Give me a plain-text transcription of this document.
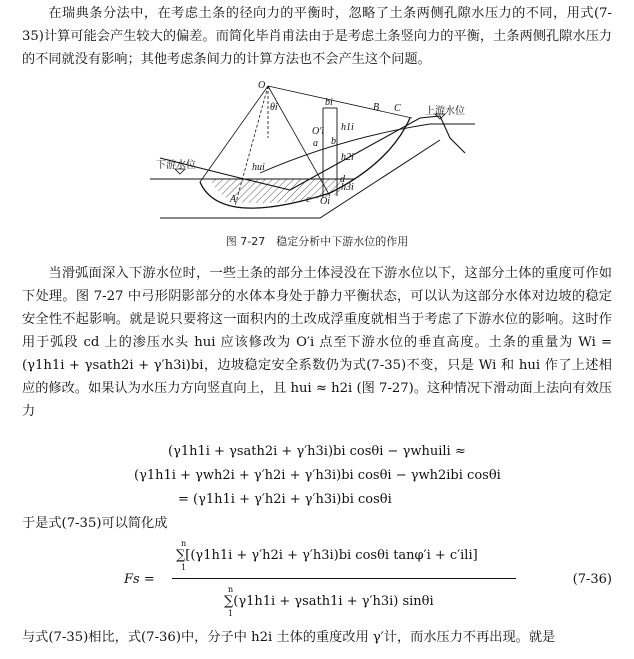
在瑞典条分法中，在考虑土条的径向力的平衡时，忽略了土条两侧孔隙水压力的不同，用式(7-35)计算可能会产生较大的偏差。而简化毕肖甫法由于是考虑土条竖向力的平衡，土条两侧孔隙水压力的不同就没有影响；其他考虑条间力的计算方法也不会产生这个问题。

O
θi	B C
bi
O′i
a b
h1i
h2i
h3i
hui
c
d
Oi
A
上游水位
下游水位
图 7-27　稳定分析中下游水位的作用

当滑弧面深入下游水位时，一些土条的部分土体浸没在下游水位以下，这部分土体的重度可作如下处理。图 7-27 中弓形阴影部分的水体本身处于静力平衡状态，可以认为这部分水体对边坡的稳定安全性不起影响。就是说只要将这一面积内的土改成浮重度就相当于考虑了下游水位的影响。这时作用于弧段 cd 上的渗压水头 hui 应该修改为 O′i 点至下游水位的垂直高度。土条的重量为 Wi = (γ1h1i + γsath2i + γ′h3i)bi，边坡稳定安全系数仍为式(7-35)不变，只是 Wi 和 hui 作了上述相应的修改。如果认为水压力方向竖直向上，且 hui ≈ h2i (图 7-27)。这种情况下滑动面上法向有效压力

(γ1h1i + γsath2i + γ′h3i)bi cosθi − γwhuili ≈
(γ1h1i + γwh2i + γ′h2i + γ′h3i)bi cosθi − γwh2ibi cosθi
= (γ1h1i + γ′h2i + γ′h3i)bi cosθi

于是式(7-35)可以简化成

Fs =
n
1
∑[(γ1h1i + γ′h2i + γ′h3i)bi cosθi tanφ′i + c′ili]
n
1
∑(γ1h1i + γsath1i + γ′h3i) sinθi
(7-36)

与式(7-35)相比，式(7-36)中，分子中 h2i 土体的重度改用 γ′计，而水压力不再出现。就是
